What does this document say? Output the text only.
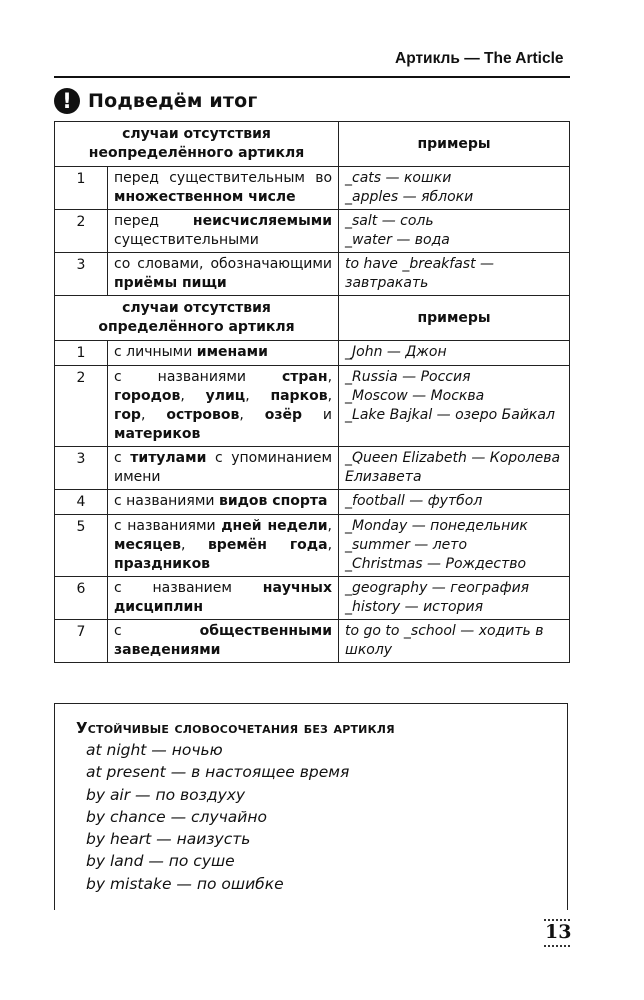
Артикль — The Article
! Подведём итог
случаи отсутствия неопределённого артикля		примеры
1	перед существительным во множественном числе	_cats — кошки
_apples — яблоки

2	перед неисчисляемыми существительными	_salt — соль
_water — вода

3	со словами, обозначающими приёмы пищи	to have _breakfast — завтракать

случаи отсутствия определённого артикля		примеры
1	с личными именами	_John — Джон

2	с названиями стран, городов, улиц, парков, гор, островов, озёр и материков	_Russia — Россия
_Moscow — Москва
_Lake Bajkal — озеро Байкал

3	с титулами с упоминанием имени	_Queen Elizabeth — Королева Елизавета

4	с названиями видов спорта	_football — футбол

5	с названиями дней недели, месяцев, времён года, праздников	_Monday — понедельник
_summer — лето
_Christmas — Рождество

6	с названием научных дисциплин	_geography — география
_history — история

7	с общественными заведениями	to go to _school — ходить в школу
Устойчивые словосочетания без артикля
at night — ночью
at present — в настоящее время
by air — по воздуху
by chance — случайно
by heart — наизусть
by land — по суше
by mistake — по ошибке
13
